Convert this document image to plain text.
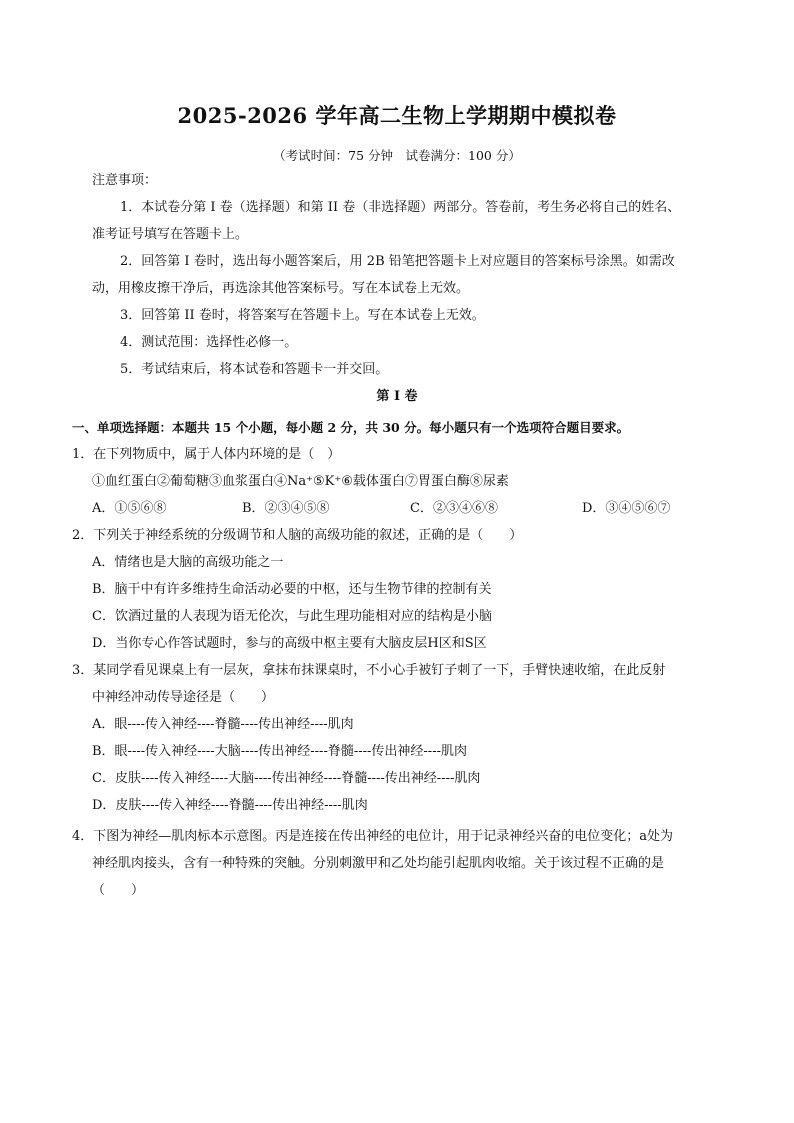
2025-2026 学年高二生物上学期期中模拟卷
（考试时间：75 分钟　试卷满分：100 分）
注意事项：
1．本试卷分第 I 卷（选择题）和第 II 卷（非选择题）两部分。答卷前，考生务必将自己的姓名、
准考证号填写在答题卡上。
2．回答第 I 卷时，选出每小题答案后，用 2B 铅笔把答题卡上对应题目的答案标号涂黑。如需改
动，用橡皮擦干净后，再选涂其他答案标号。写在本试卷上无效。
3．回答第 II 卷时，将答案写在答题卡上。写在本试卷上无效。
4．测试范围：选择性必修一。
5．考试结束后，将本试卷和答题卡一并交回。
第 I 卷
一、单项选择题：本题共 15 个小题，每小题 2 分，共 30 分。每小题只有一个选项符合题目要求。
1．在下列物质中，属于人体内环境的是（　）
①血红蛋白②葡萄糖③血浆蛋白④Na⁺⑤K⁺⑥载体蛋白⑦胃蛋白酶⑧尿素
A．①⑤⑥⑧	B．②③④⑤⑧	C．②③④⑥⑧	D．③④⑤⑥⑦
2．下列关于神经系统的分级调节和人脑的高级功能的叙述，正确的是（　　）
A．情绪也是大脑的高级功能之一
B．脑干中有许多维持生命活动必要的中枢，还与生物节律的控制有关
C．饮酒过量的人表现为语无伦次，与此生理功能相对应的结构是小脑
D．当你专心作答试题时，参与的高级中枢主要有大脑皮层H区和S区
3．某同学看见课桌上有一层灰，拿抹布抹课桌时，不小心手被钉子刺了一下，手臂快速收缩，在此反射
中神经冲动传导途径是（　　）
A．眼----传入神经----脊髓----传出神经----肌肉
B．眼----传入神经----大脑----传出神经----脊髓----传出神经----肌肉
C．皮肤----传入神经----大脑----传出神经----脊髓----传出神经----肌肉
D．皮肤----传入神经----脊髓----传出神经----肌肉
4．下图为神经—肌肉标本示意图。丙是连接在传出神经的电位计，用于记录神经兴奋的电位变化；a处为
神经肌肉接头，含有一种特殊的突触。分别刺激甲和乙处均能引起肌肉收缩。关于该过程不正确的是
（　　）
